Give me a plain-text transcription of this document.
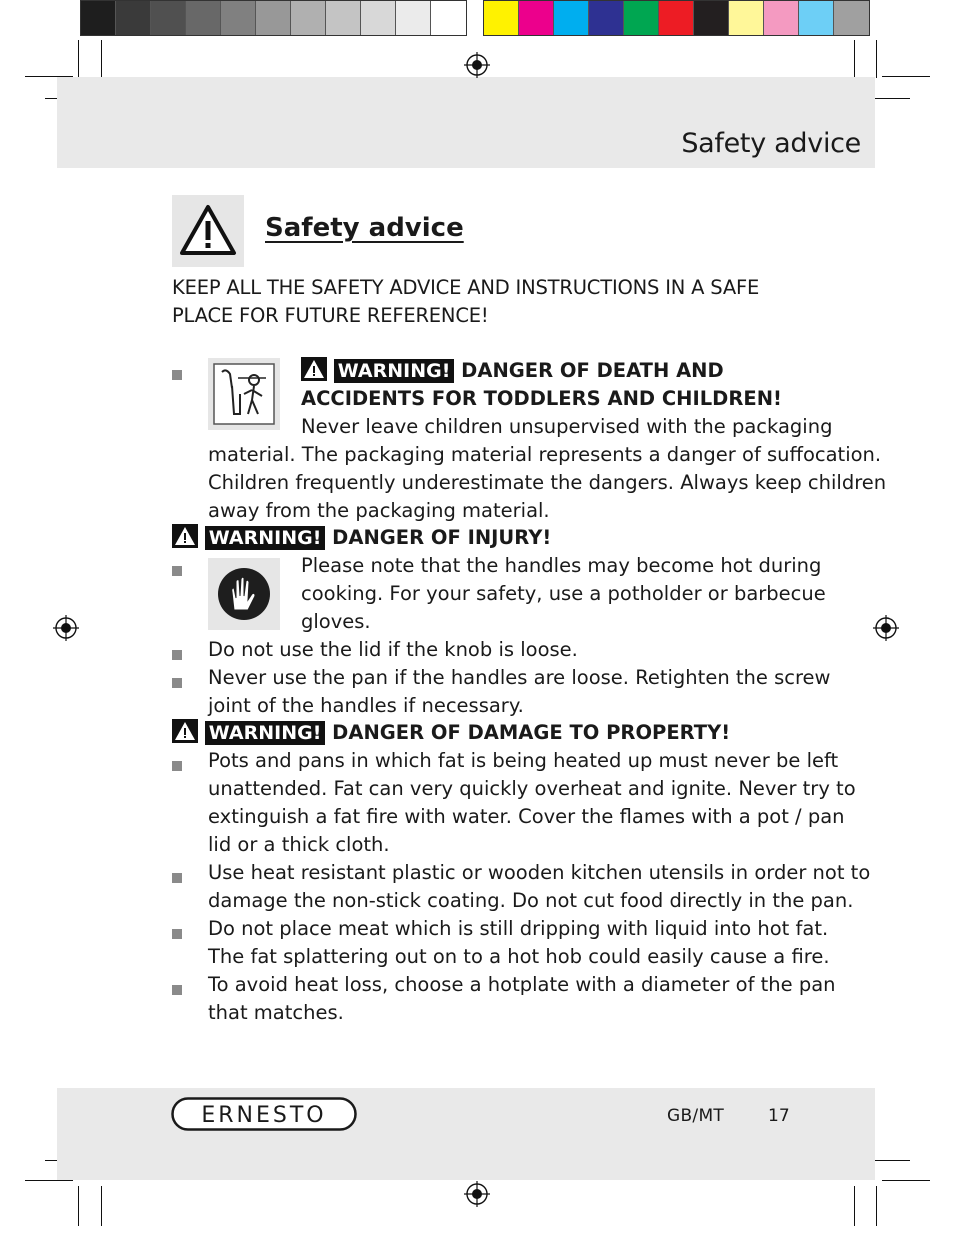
Safety advice
Safety advice
KEEP ALL THE SAFETY ADVICE AND INSTRUCTIONS IN A SAFE
PLACE FOR FUTURE REFERENCE!
WARNING! DANGER OF DEATH AND
ACCIDENTS FOR TODDLERS AND CHILDREN!
Never leave children unsupervised with the packaging
material. The packaging material represents a danger of suffocation.
Children frequently underestimate the dangers. Always keep children
away from the packaging material.
WARNING! DANGER OF INJURY!
Please note that the handles may become hot during
cooking. For your safety, use a potholder or barbecue
gloves.
Do not use the lid if the knob is loose.
Never use the pan if the handles are loose. Retighten the screw
joint of the handles if necessary.
WARNING! DANGER OF DAMAGE TO PROPERTY!
Pots and pans in which fat is being heated up must never be left
unattended. Fat can very quickly overheat and ignite. Never try to
extinguish a fat fire with water. Cover the flames with a pot / pan
lid or a thick cloth.
Use heat resistant plastic or wooden kitchen utensils in order not to
damage the non-stick coating. Do not cut food directly in the pan.
Do not place meat which is still dripping with liquid into hot fat.
The fat splattering out on to a hot hob could easily cause a fire.
To avoid heat loss, choose a hotplate with a diameter of the pan
that matches.
ERNESTO	GB/MT	17
